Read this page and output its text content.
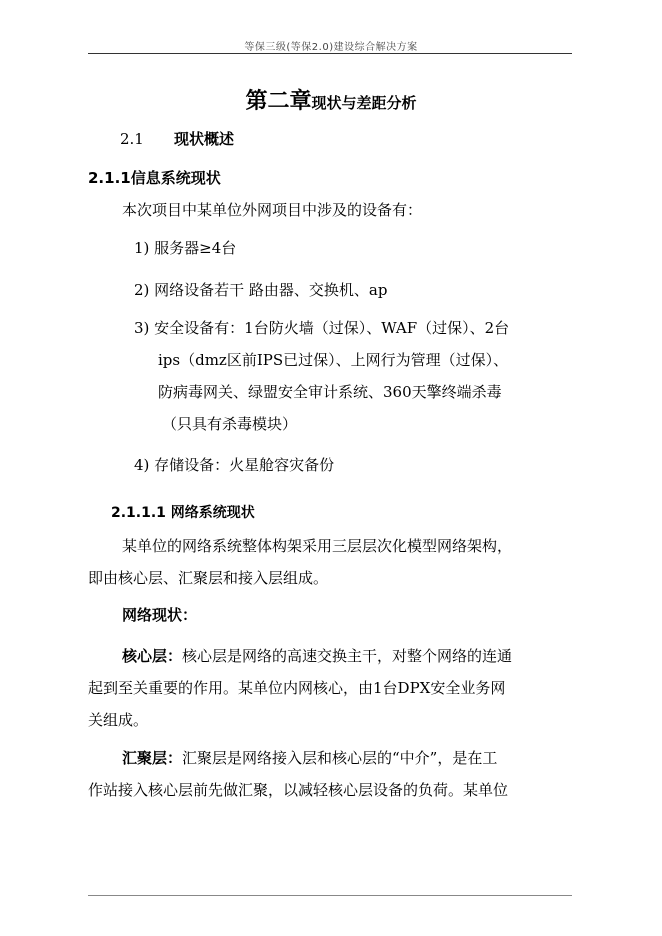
等保三级(等保2.0)建设综合解决方案
第二章现状与差距分析
2.1 现状概述
2.1.1信息系统现状
本次项目中某单位外网项目中涉及的设备有：
1) 服务器≥4台
2) 网络设备若干 路由器、交换机、ap
3) 安全设备有：1台防火墙（过保）、WAF（过保）、2台
ips（dmz区前IPS已过保）、上网行为管理（过保）、
防病毒网关、绿盟安全审计系统、360天擎终端杀毒
（只具有杀毒模块）
4) 存储设备：火星舱容灾备份
2.1.1.1 网络系统现状
某单位的网络系统整体构架采用三层层次化模型网络架构，
即由核心层、汇聚层和接入层组成。
网络现状：
核心层：核心层是网络的高速交换主干，对整个网络的连通
起到至关重要的作用。某单位内网核心，由1台DPX安全业务网
关组成。
汇聚层：汇聚层是网络接入层和核心层的“中介”，是在工
作站接入核心层前先做汇聚，以减轻核心层设备的负荷。某单位
